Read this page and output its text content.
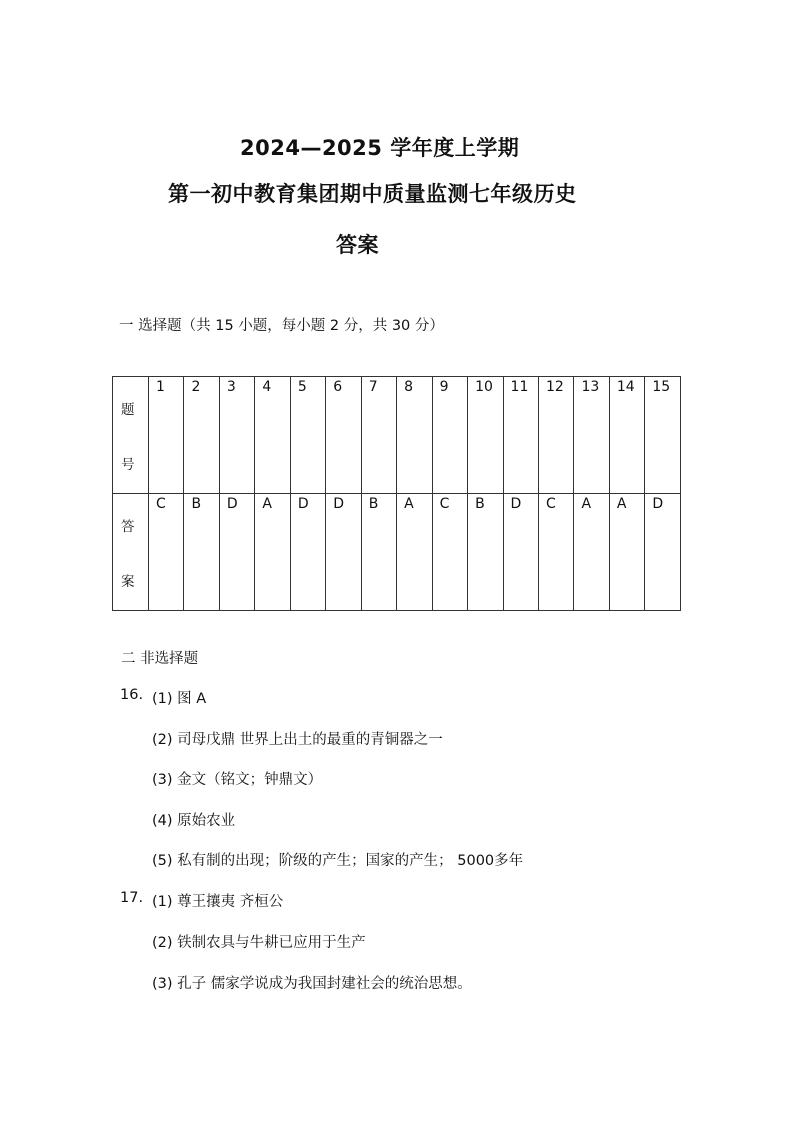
2024—2025 学年度上学期
第一初中教育集团期中质量监测七年级历史
答案
一 选择题（共 15 小题，每小题 2 分，共 30 分）
题号	1	2	3	4	5	6	7	8	9	10	11	12	13	14	15

答案	C	B	D	A	D	D	B	A	C	B	D	C	A	A	D
二 非选择题
16. (1) 图 A
(2) 司母戊鼎 世界上出土的最重的青铜器之一
(3) 金文（铭文；钟鼎文）
(4) 原始农业
(5) 私有制的出现；阶级的产生；国家的产生； 5000多年
17. (1) 尊王攘夷 齐桓公
(2) 铁制农具与牛耕已应用于生产
(3) 孔子 儒家学说成为我国封建社会的统治思想。
